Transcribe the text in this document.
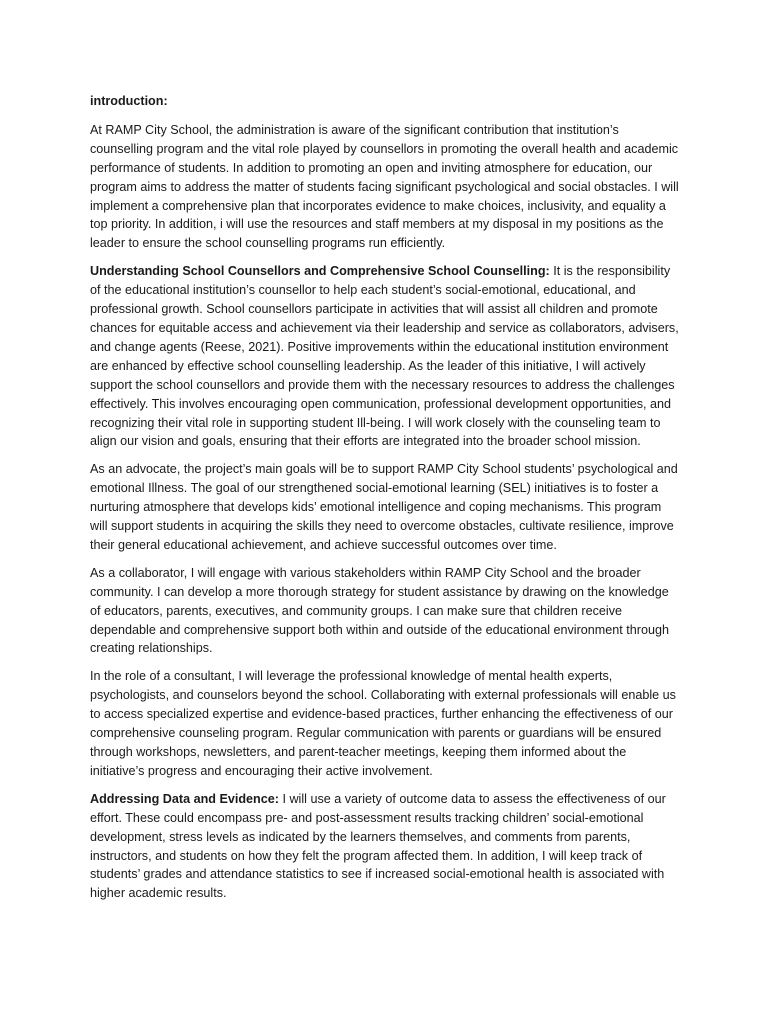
introduction:

At RAMP City School, the administration is aware of the significant contribution that institution’s counselling program and the vital role played by counsellors in promoting the overall health and academic performance of students. In addition to promoting an open and inviting atmosphere for education, our program aims to address the matter of students facing significant psychological and social obstacles. I will implement a comprehensive plan that incorporates evidence to make choices, inclusivity, and equality a top priority. In addition, i will use the resources and staff members at my disposal in my positions as the leader to ensure the school counselling programs run efficiently.

Understanding School Counsellors and Comprehensive School Counselling: It is the responsibility of the educational institution’s counsellor to help each student’s social-emotional, educational, and professional growth. School counsellors participate in activities that will assist all children and promote chances for equitable access and achievement via their leadership and service as collaborators, advisers, and change agents (Reese, 2021). Positive improvements within the educational institution environment are enhanced by effective school counselling leadership. As the leader of this initiative, I will actively support the school counsellors and provide them with the necessary resources to address the challenges effectively. This involves encouraging open communication, professional development opportunities, and recognizing their vital role in supporting student Ill-being. I will work closely with the counseling team to align our vision and goals, ensuring that their efforts are integrated into the broader school mission.

As an advocate, the project’s main goals will be to support RAMP City School students’ psychological and emotional Illness. The goal of our strengthened social-emotional learning (SEL) initiatives is to foster a nurturing atmosphere that develops kids’ emotional intelligence and coping mechanisms. This program will support students in acquiring the skills they need to overcome obstacles, cultivate resilience, improve their general educational achievement, and achieve successful outcomes over time.

As a collaborator, I will engage with various stakeholders within RAMP City School and the broader community. I can develop a more thorough strategy for student assistance by drawing on the knowledge of educators, parents, executives, and community groups. I can make sure that children receive dependable and comprehensive support both within and outside of the educational environment through creating relationships.

In the role of a consultant, I will leverage the professional knowledge of mental health experts, psychologists, and counselors beyond the school. Collaborating with external professionals will enable us to access specialized expertise and evidence-based practices, further enhancing the effectiveness of our comprehensive counseling program. Regular communication with parents or guardians will be ensured through workshops, newsletters, and parent-teacher meetings, keeping them informed about the initiative’s progress and encouraging their active involvement.

Addressing Data and Evidence: I will use a variety of outcome data to assess the effectiveness of our effort. These could encompass pre- and post-assessment results tracking children’ social-emotional development, stress levels as indicated by the learners themselves, and comments from parents, instructors, and students on how they felt the program affected them. In addition, I will keep track of students’ grades and attendance statistics to see if increased social-emotional health is associated with higher academic results.
